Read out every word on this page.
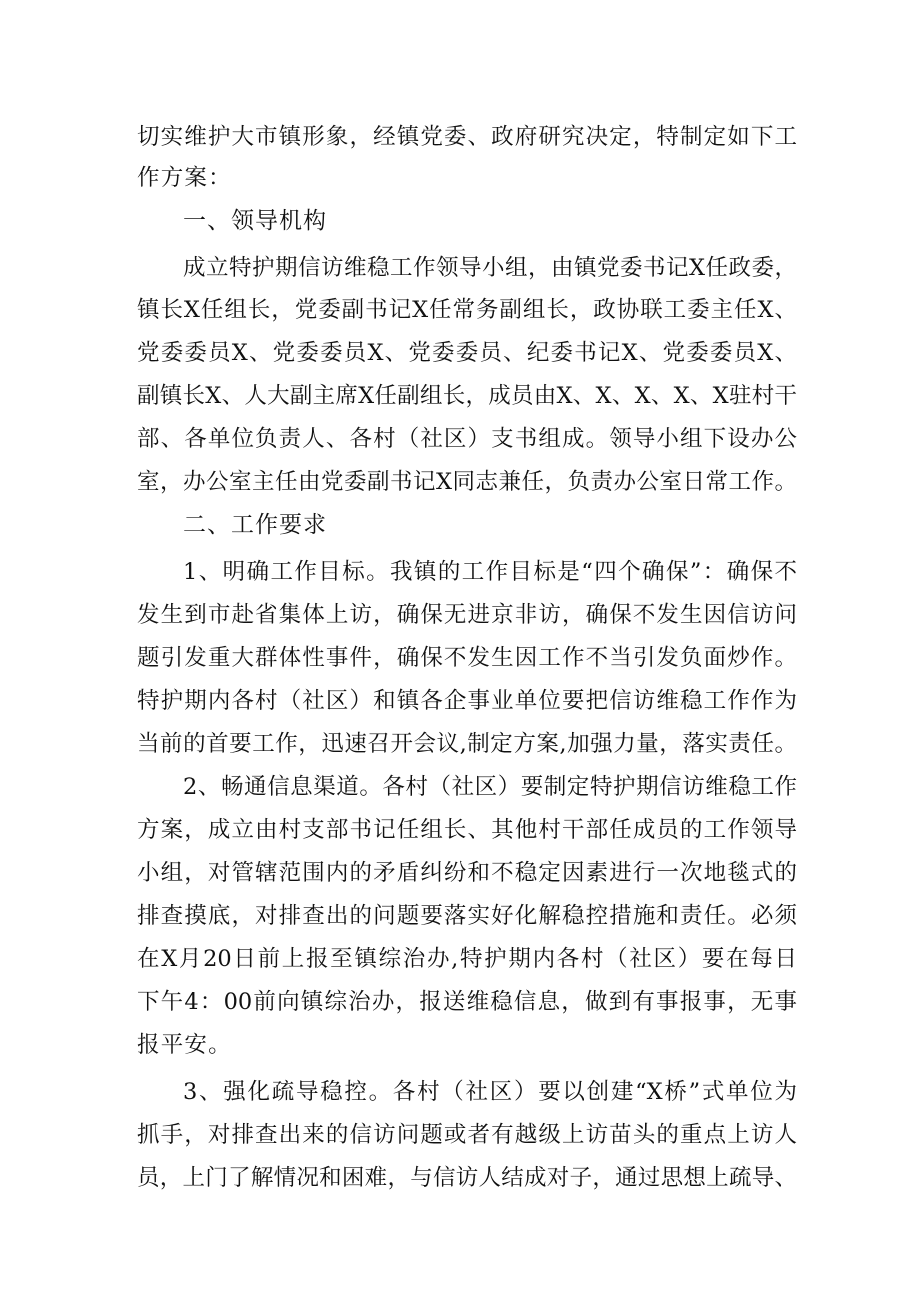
切实维护大市镇形象，经镇党委、政府研究决定，特制定如下工
作方案：
一、领导机构
成立特护期信访维稳工作领导小组，由镇党委书记X任政委，
镇长X任组长，党委副书记X任常务副组长，政协联工委主任X、
党委委员X、党委委员X、党委委员、纪委书记X、党委委员X、
副镇长X、人大副主席X任副组长，成员由X、X、X、X、X驻村干
部、各单位负责人、各村（社区）支书组成。领导小组下设办公
室，办公室主任由党委副书记X同志兼任，负责办公室日常工作。
二、工作要求
1、明确工作目标。我镇的工作目标是“四个确保”：确保不
发生到市赴省集体上访，确保无进京非访，确保不发生因信访问
题引发重大群体性事件，确保不发生因工作不当引发负面炒作。
特护期内各村（社区）和镇各企事业单位要把信访维稳工作作为
当前的首要工作，迅速召开会议,制定方案,加强力量，落实责任。
2、畅通信息渠道。各村（社区）要制定特护期信访维稳工作
方案，成立由村支部书记任组长、其他村干部任成员的工作领导
小组，对管辖范围内的矛盾纠纷和不稳定因素进行一次地毯式的
排查摸底，对排查出的问题要落实好化解稳控措施和责任。必须
在X月20日前上报至镇综治办,特护期内各村（社区）要在每日
下午4：00前向镇综治办，报送维稳信息，做到有事报事，无事
报平安。
3、强化疏导稳控。各村（社区）要以创建“X桥”式单位为
抓手，对排查出来的信访问题或者有越级上访苗头的重点上访人
员，上门了解情况和困难，与信访人结成对子，通过思想上疏导、
